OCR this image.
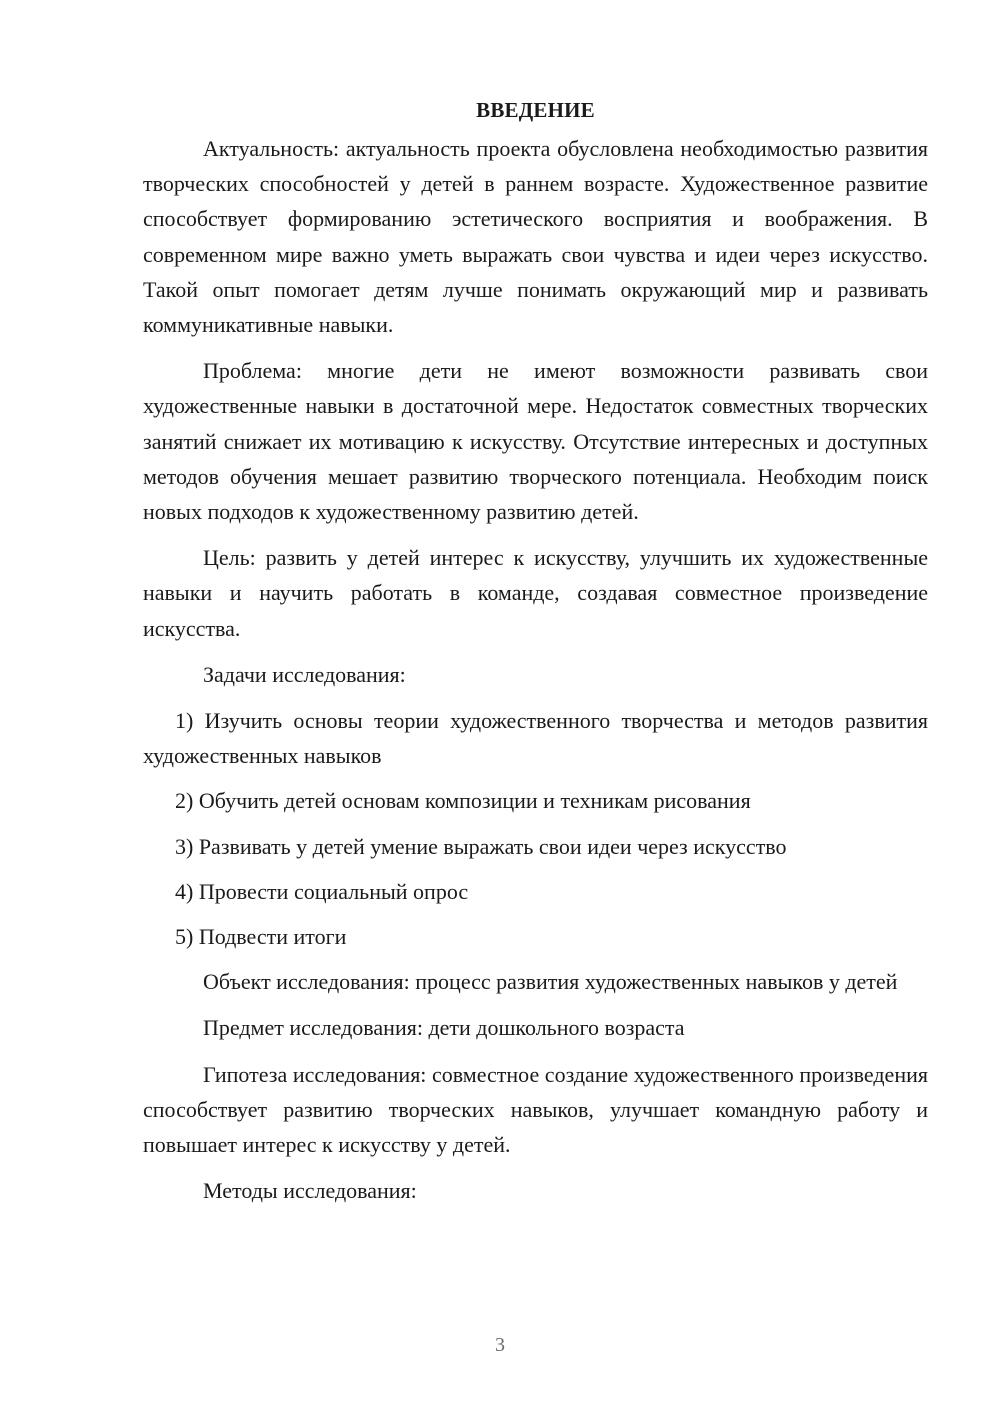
ВВЕДЕНИЕ

Актуальность: актуальность проекта обусловлена необходимостью развития творческих способностей у детей в раннем возрасте. Художественное развитие способствует формированию эстетического восприятия и воображения. В современном мире важно уметь выражать свои чувства и идеи через искусство. Такой опыт помогает детям лучше понимать окружающий мир и развивать коммуникативные навыки.

Проблема: многие дети не имеют возможности развивать свои художественные навыки в достаточной мере. Недостаток совместных творческих занятий снижает их мотивацию к искусству. Отсутствие интересных и доступных методов обучения мешает развитию творческого потенциала. Необходим поиск новых подходов к художественному развитию детей.

Цель: развить у детей интерес к искусству, улучшить их художественные навыки и научить работать в команде, создавая совместное произведение искусства.

Задачи исследования:

1) Изучить основы теории художественного творчества и методов развития художественных навыков

2) Обучить детей основам композиции и техникам рисования

3) Развивать у детей умение выражать свои идеи через искусство

4) Провести социальный опрос

5) Подвести итоги

Объект исследования: процесс развития художественных навыков у детей

Предмет исследования: дети дошкольного возраста

Гипотеза исследования: совместное создание художественного произведения способствует развитию творческих навыков, улучшает командную работу и повышает интерес к искусству у детей.

Методы исследования:

3
